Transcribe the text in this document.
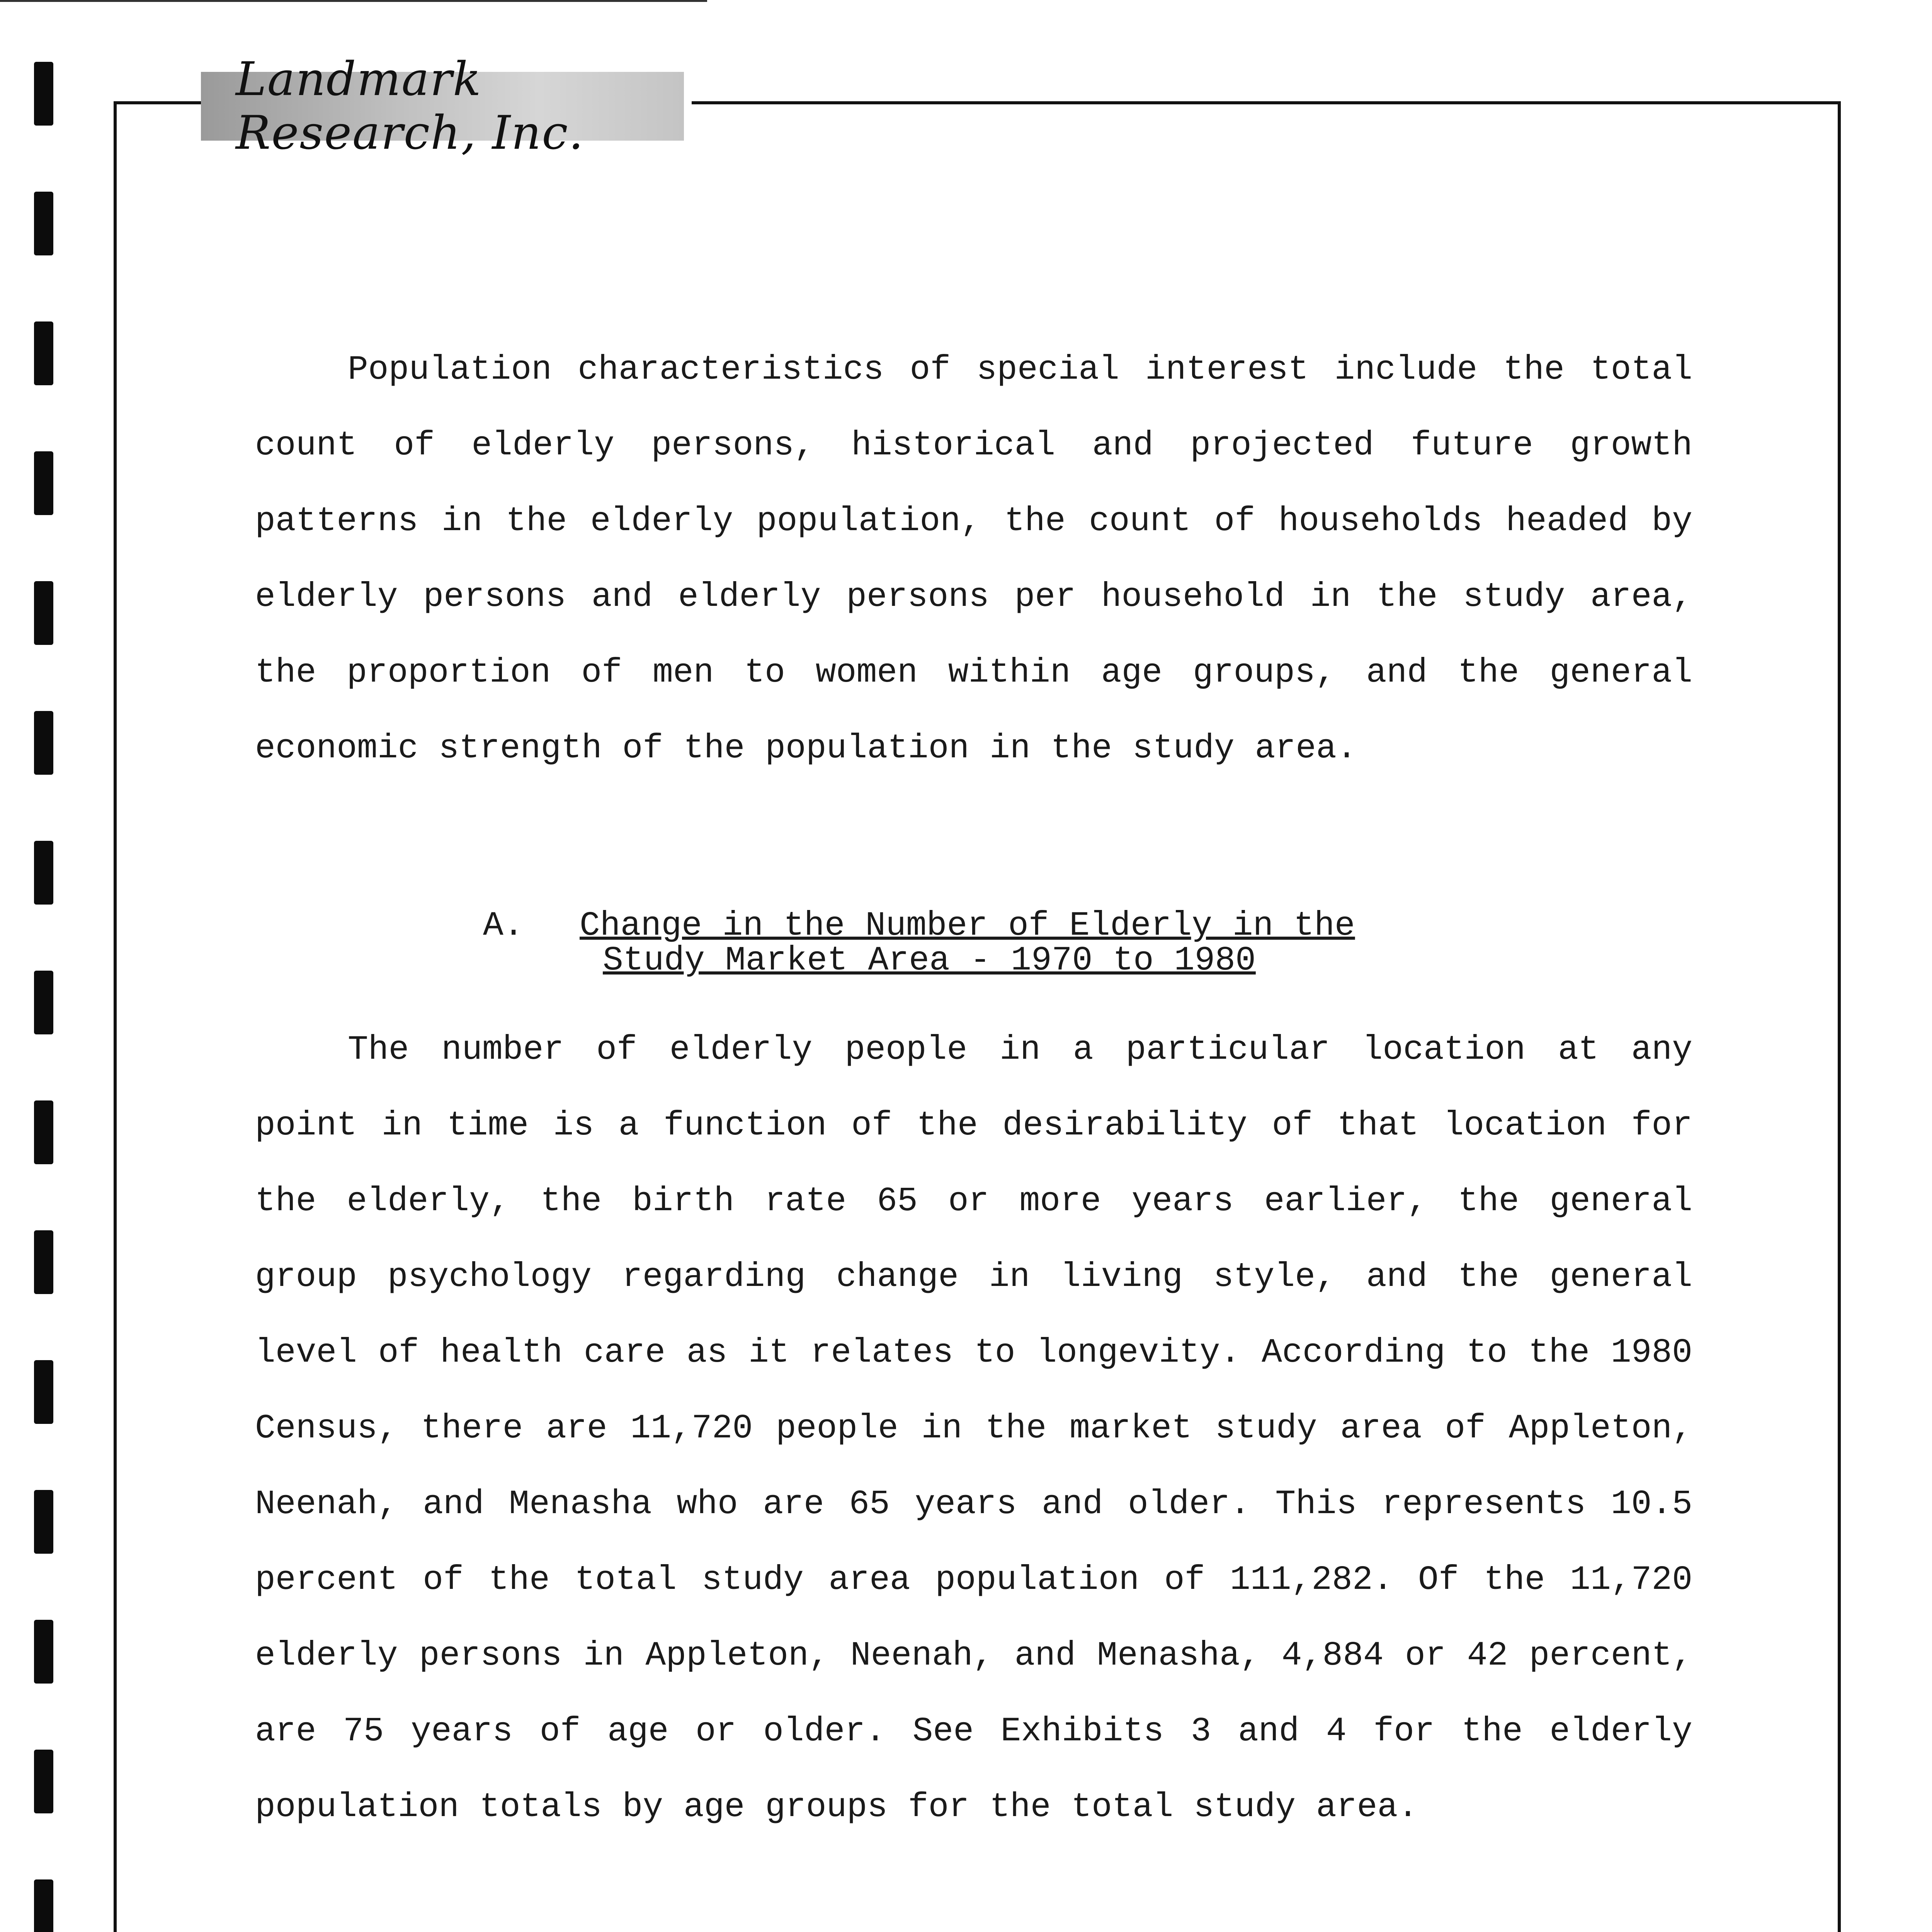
Landmark Research, Inc.

Population characteristics of special interest include the total count of elderly persons, historical and projected future growth patterns in the elderly population, the count of households headed by elderly persons and elderly persons per household in the study area, the proportion of men to women within age groups, and the general economic strength of the population in the study area.

A. Change in the Number of Elderly in the
Study Market Area - 1970 to 1980

The number of elderly people in a particular location at any point in time is a function of the desirability of that location for the elderly, the birth rate 65 or more years earlier, the general group psychology regarding change in living style, and the general level of health care as it relates to longevity. According to the 1980 Census, there are 11,720 people in the market study area of Appleton, Neenah, and Menasha who are 65 years and older. This represents 10.5 percent of the total study area population of 111,282. Of the 11,720 elderly persons in Appleton, Neenah, and Menasha, 4,884 or 42 percent, are 75 years of age or older. See Exhibits 3 and 4 for the elderly population totals by age groups for the total study area.
